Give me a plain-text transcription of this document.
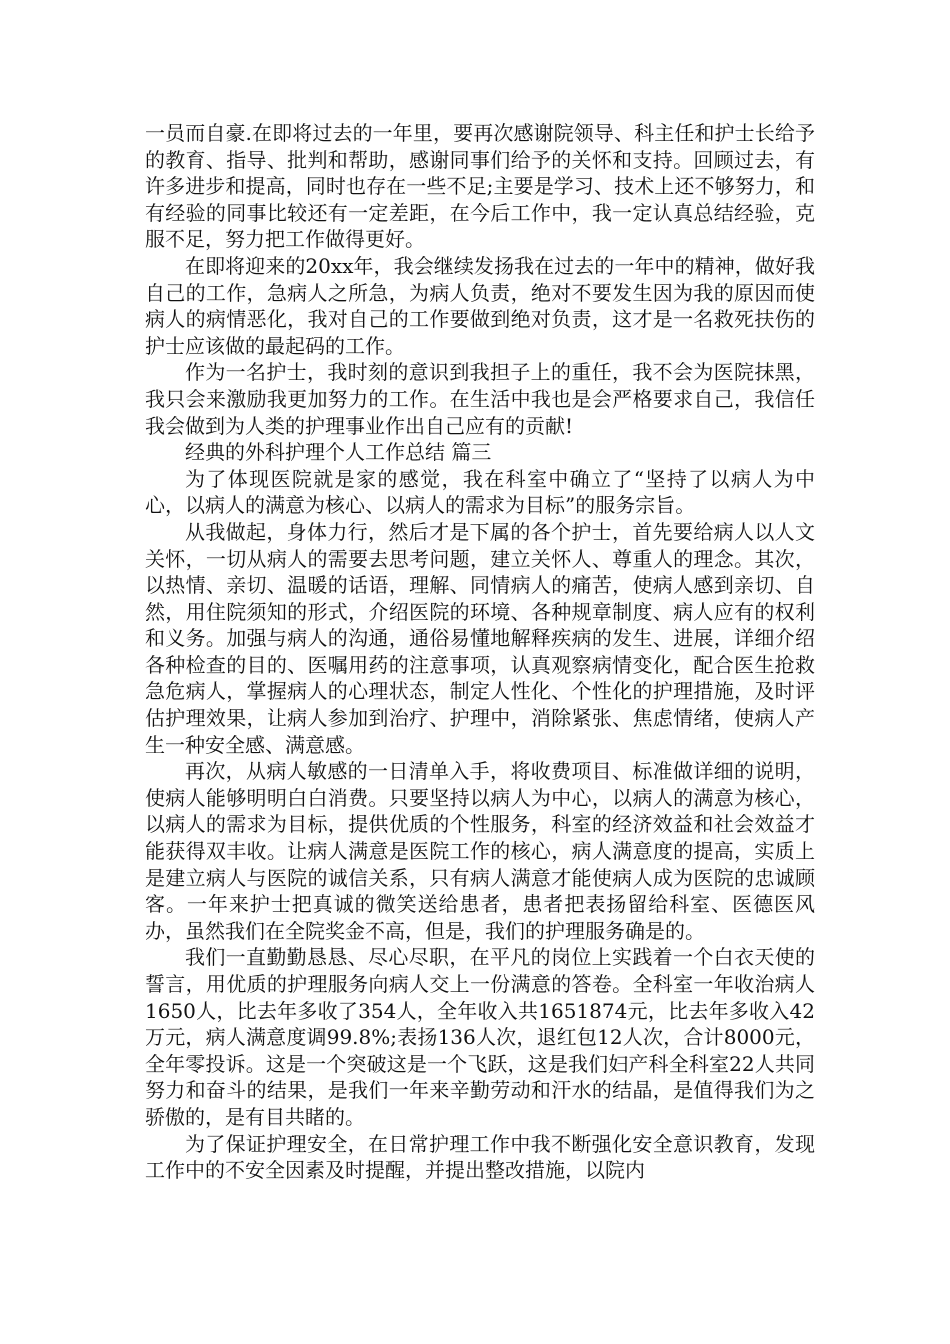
一员而自豪.在即将过去的一年里，要再次感谢院领导、科主任和护士长给予的教育、指导、批判和帮助，感谢同事们给予的关怀和支持。回顾过去，有许多进步和提高，同时也存在一些不足;主要是学习、技术上还不够努力，和有经验的同事比较还有一定差距，在今后工作中，我一定认真总结经验，克服不足，努力把工作做得更好。

在即将迎来的20xx年，我会继续发扬我在过去的一年中的精神，做好我自己的工作，急病人之所急，为病人负责，绝对不要发生因为我的原因而使病人的病情恶化，我对自己的工作要做到绝对负责，这才是一名救死扶伤的护士应该做的最起码的工作。

作为一名护士，我时刻的意识到我担子上的重任，我不会为医院抹黑，我只会来激励我更加努力的工作。在生活中我也是会严格要求自己，我信任我会做到为人类的护理事业作出自己应有的贡献!

经典的外科护理个人工作总结 篇三

为了体现医院就是家的感觉，我在科室中确立了“坚持了以病人为中心，以病人的满意为核心、以病人的需求为目标”的服务宗旨。

从我做起，身体力行，然后才是下属的各个护士，首先要给病人以人文关怀，一切从病人的需要去思考问题，建立关怀人、尊重人的理念。其次，以热情、亲切、温暖的话语，理解、同情病人的痛苦，使病人感到亲切、自然，用住院须知的形式，介绍医院的环境、各种规章制度、病人应有的权利和义务。加强与病人的沟通，通俗易懂地解释疾病的发生、进展，详细介绍各种检查的目的、医嘱用药的注意事项，认真观察病情变化，配合医生抢救急危病人，掌握病人的心理状态，制定人性化、个性化的护理措施，及时评估护理效果，让病人参加到治疗、护理中，消除紧张、焦虑情绪，使病人产生一种安全感、满意感。

再次，从病人敏感的一日清单入手，将收费项目、标准做详细的说明，使病人能够明明白白消费。只要坚持以病人为中心，以病人的满意为核心，以病人的需求为目标，提供优质的个性服务，科室的经济效益和社会效益才能获得双丰收。让病人满意是医院工作的核心，病人满意度的提高，实质上是建立病人与医院的诚信关系，只有病人满意才能使病人成为医院的忠诚顾客。一年来护士把真诚的微笑送给患者，患者把表扬留给科室、医德医风办，虽然我们在全院奖金不高，但是，我们的护理服务确是的。

我们一直勤勤恳恳、尽心尽职，在平凡的岗位上实践着一个白衣天使的誓言，用优质的护理服务向病人交上一份满意的答卷。全科室一年收治病人1650人，比去年多收了354人，全年收入共1651874元，比去年多收入42万元，病人满意度调99.8%;表扬136人次，退红包12人次，合计8000元，全年零投诉。这是一个突破这是一个飞跃，这是我们妇产科全科室22人共同努力和奋斗的结果，是我们一年来辛勤劳动和汗水的结晶，是值得我们为之骄傲的，是有目共睹的。

为了保证护理安全，在日常护理工作中我不断强化安全意识教育，发现工作中的不安全因素及时提醒，并提出整改措施，以院内
